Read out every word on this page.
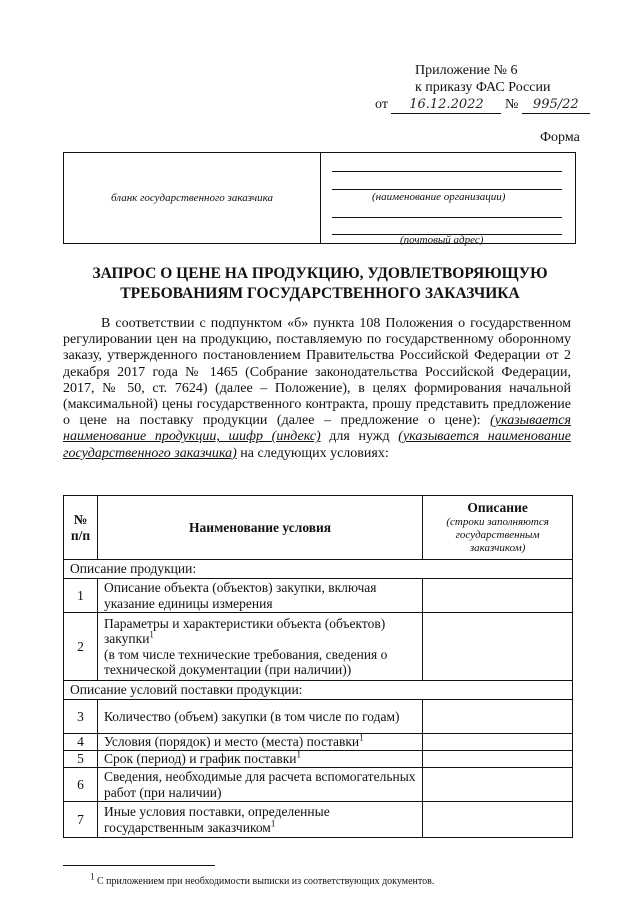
Приложение № 6
к приказу ФАС России
от 16.12.2022 № 995/22
Форма
бланк государственного заказчика	(наименование организации)
(почтовый адрес)
ЗАПРОС О ЦЕНЕ НА ПРОДУКЦИЮ, УДОВЛЕТВОРЯЮЩУЮ
ТРЕБОВАНИЯМ ГОСУДАРСТВЕННОГО ЗАКАЗЧИКА
В соответствии с подпунктом «б» пункта 108 Положения о государственном регулировании цен на продукцию, поставляемую по государственному оборонному заказу, утвержденного постановлением Правительства Российской Федерации от 2 декабря 2017 года № 1465 (Собрание законодательства Российской Федерации, 2017, № 50, ст. 7624) (далее – Положение), в целях формирования начальной (максимальной) цены государственного контракта, прошу представить предложение о цене на поставку продукции (далее – предложение о цене): (указывается наименование продукции, шифр (индекс) для нужд (указывается наименование государственного заказчика) на следующих условиях:
№ п/п	Наименование условия	Описание
(строки заполняются государственным заказчиком)

Описание продукции:		
1	Описание объекта (объектов) закупки, включая указание единицы измерения	
2	Параметры и характеристики объекта (объектов) закупки$^1$
(в том числе технические требования, сведения о технической документации (при наличии))	
Описание условий поставки продукции:		
3	Количество (объем) закупки (в том числе по годам)	
4	Условия (порядок) и место (места) поставки$^1$	
5	Срок (период) и график поставки$^1$	
6	Сведения, необходимые для расчета вспомогательных работ (при наличии)	
7	Иные условия поставки, определенные государственным заказчиком$^1$	
$^1$ С приложением при необходимости выписки из соответствующих документов.
